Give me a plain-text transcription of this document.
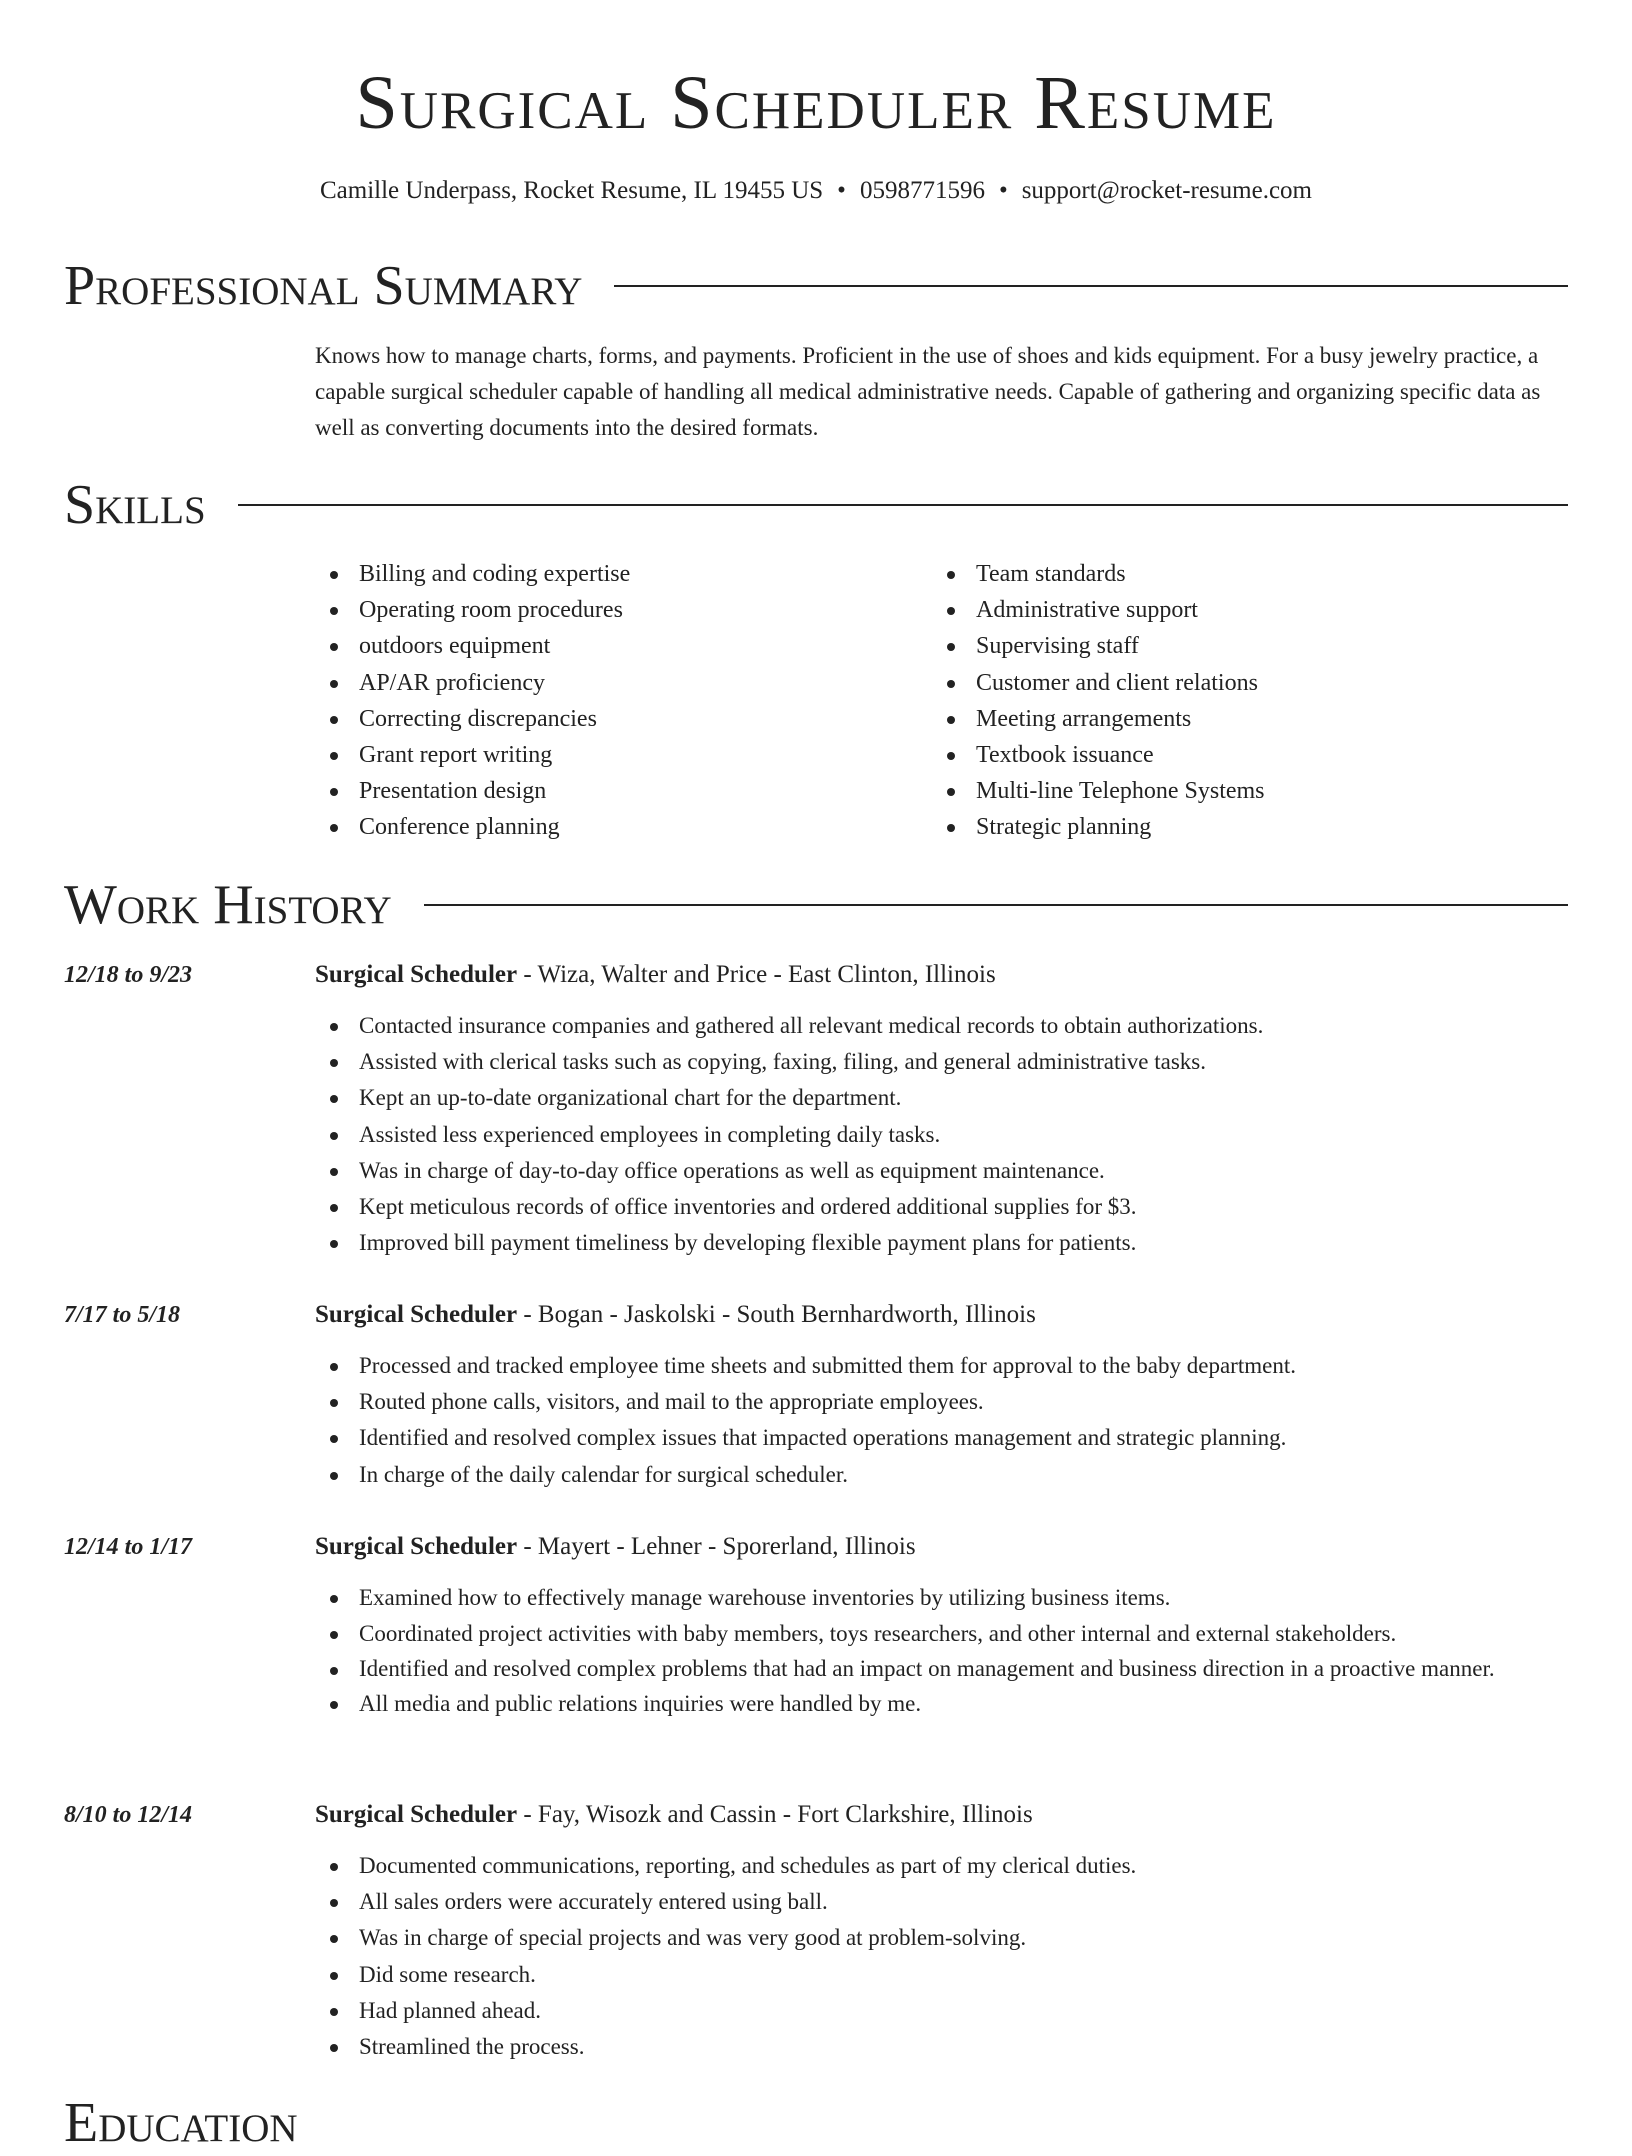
Surgical Scheduler Resume
Camille Underpass, Rocket Resume, IL 19455 US • 0598771596 • support@rocket-resume.com
Professional Summary

Knows how to manage charts, forms, and payments. Proficient in the use of shoes and kids equipment. For a busy jewelry practice, a capable surgical scheduler capable of handling all medical administrative needs. Capable of gathering and organizing specific data as well as converting documents into the desired formats.

Skills
Billing and coding expertise
Operating room procedures
outdoors equipment
AP/AR proficiency
Correcting discrepancies
Grant report writing
Presentation design
Conference planning
Team standards
Administrative support
Supervising staff
Customer and client relations
Meeting arrangements
Textbook issuance
Multi-line Telephone Systems
Strategic planning
Work History
12/18 to 9/23	Surgical Scheduler - Wiza, Walter and Price - East Clinton, Illinois
Contacted insurance companies and gathered all relevant medical records to obtain authorizations.
Assisted with clerical tasks such as copying, faxing, filing, and general administrative tasks.
Kept an up-to-date organizational chart for the department.
Assisted less experienced employees in completing daily tasks.
Was in charge of day-to-day office operations as well as equipment maintenance.
Kept meticulous records of office inventories and ordered additional supplies for $3.
Improved bill payment timeliness by developing flexible payment plans for patients.
7/17 to 5/18	Surgical Scheduler - Bogan - Jaskolski - South Bernhardworth, Illinois
Processed and tracked employee time sheets and submitted them for approval to the baby department.
Routed phone calls, visitors, and mail to the appropriate employees.
Identified and resolved complex issues that impacted operations management and strategic planning.
In charge of the daily calendar for surgical scheduler.
12/14 to 1/17	Surgical Scheduler - Mayert - Lehner - Sporerland, Illinois
Examined how to effectively manage warehouse inventories by utilizing business items.
Coordinated project activities with baby members, toys researchers, and other internal and external stakeholders.
Identified and resolved complex problems that had an impact on management and business direction in a proactive manner.
All media and public relations inquiries were handled by me.
8/10 to 12/14	Surgical Scheduler - Fay, Wisozk and Cassin - Fort Clarkshire, Illinois
Documented communications, reporting, and schedules as part of my clerical duties.
All sales orders were accurately entered using ball.
Was in charge of special projects and was very good at problem-solving.
Did some research.
Had planned ahead.
Streamlined the process.
Education
